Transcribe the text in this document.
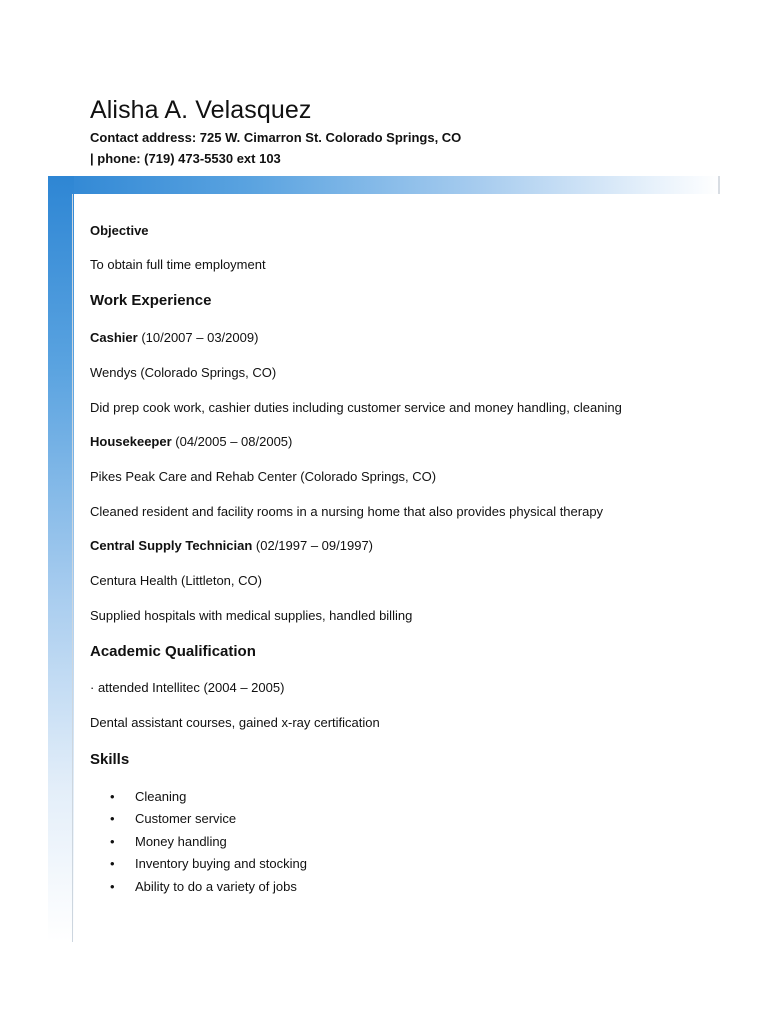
Alisha A. Velasquez
Contact address: 725 W. Cimarron St. Colorado Springs, CO
| phone: (719) 473-5530 ext 103
Objective
To obtain full time employment
Work Experience
Cashier (10/2007 – 03/2009)
Wendys (Colorado Springs, CO)
Did prep cook work, cashier duties including customer service and money handling, cleaning
Housekeeper (04/2005 – 08/2005)
Pikes Peak Care and Rehab Center (Colorado Springs, CO)
Cleaned resident and facility rooms in a nursing home that also provides physical therapy
Central Supply Technician (02/1997 – 09/1997)
Centura Health (Littleton, CO)
Supplied hospitals with medical supplies, handled billing
Academic Qualification
· attended Intellitec (2004 – 2005)
Dental assistant courses, gained x-ray certification
Skills
• Cleaning
• Customer service
• Money handling
• Inventory buying and stocking
• Ability to do a variety of jobs
